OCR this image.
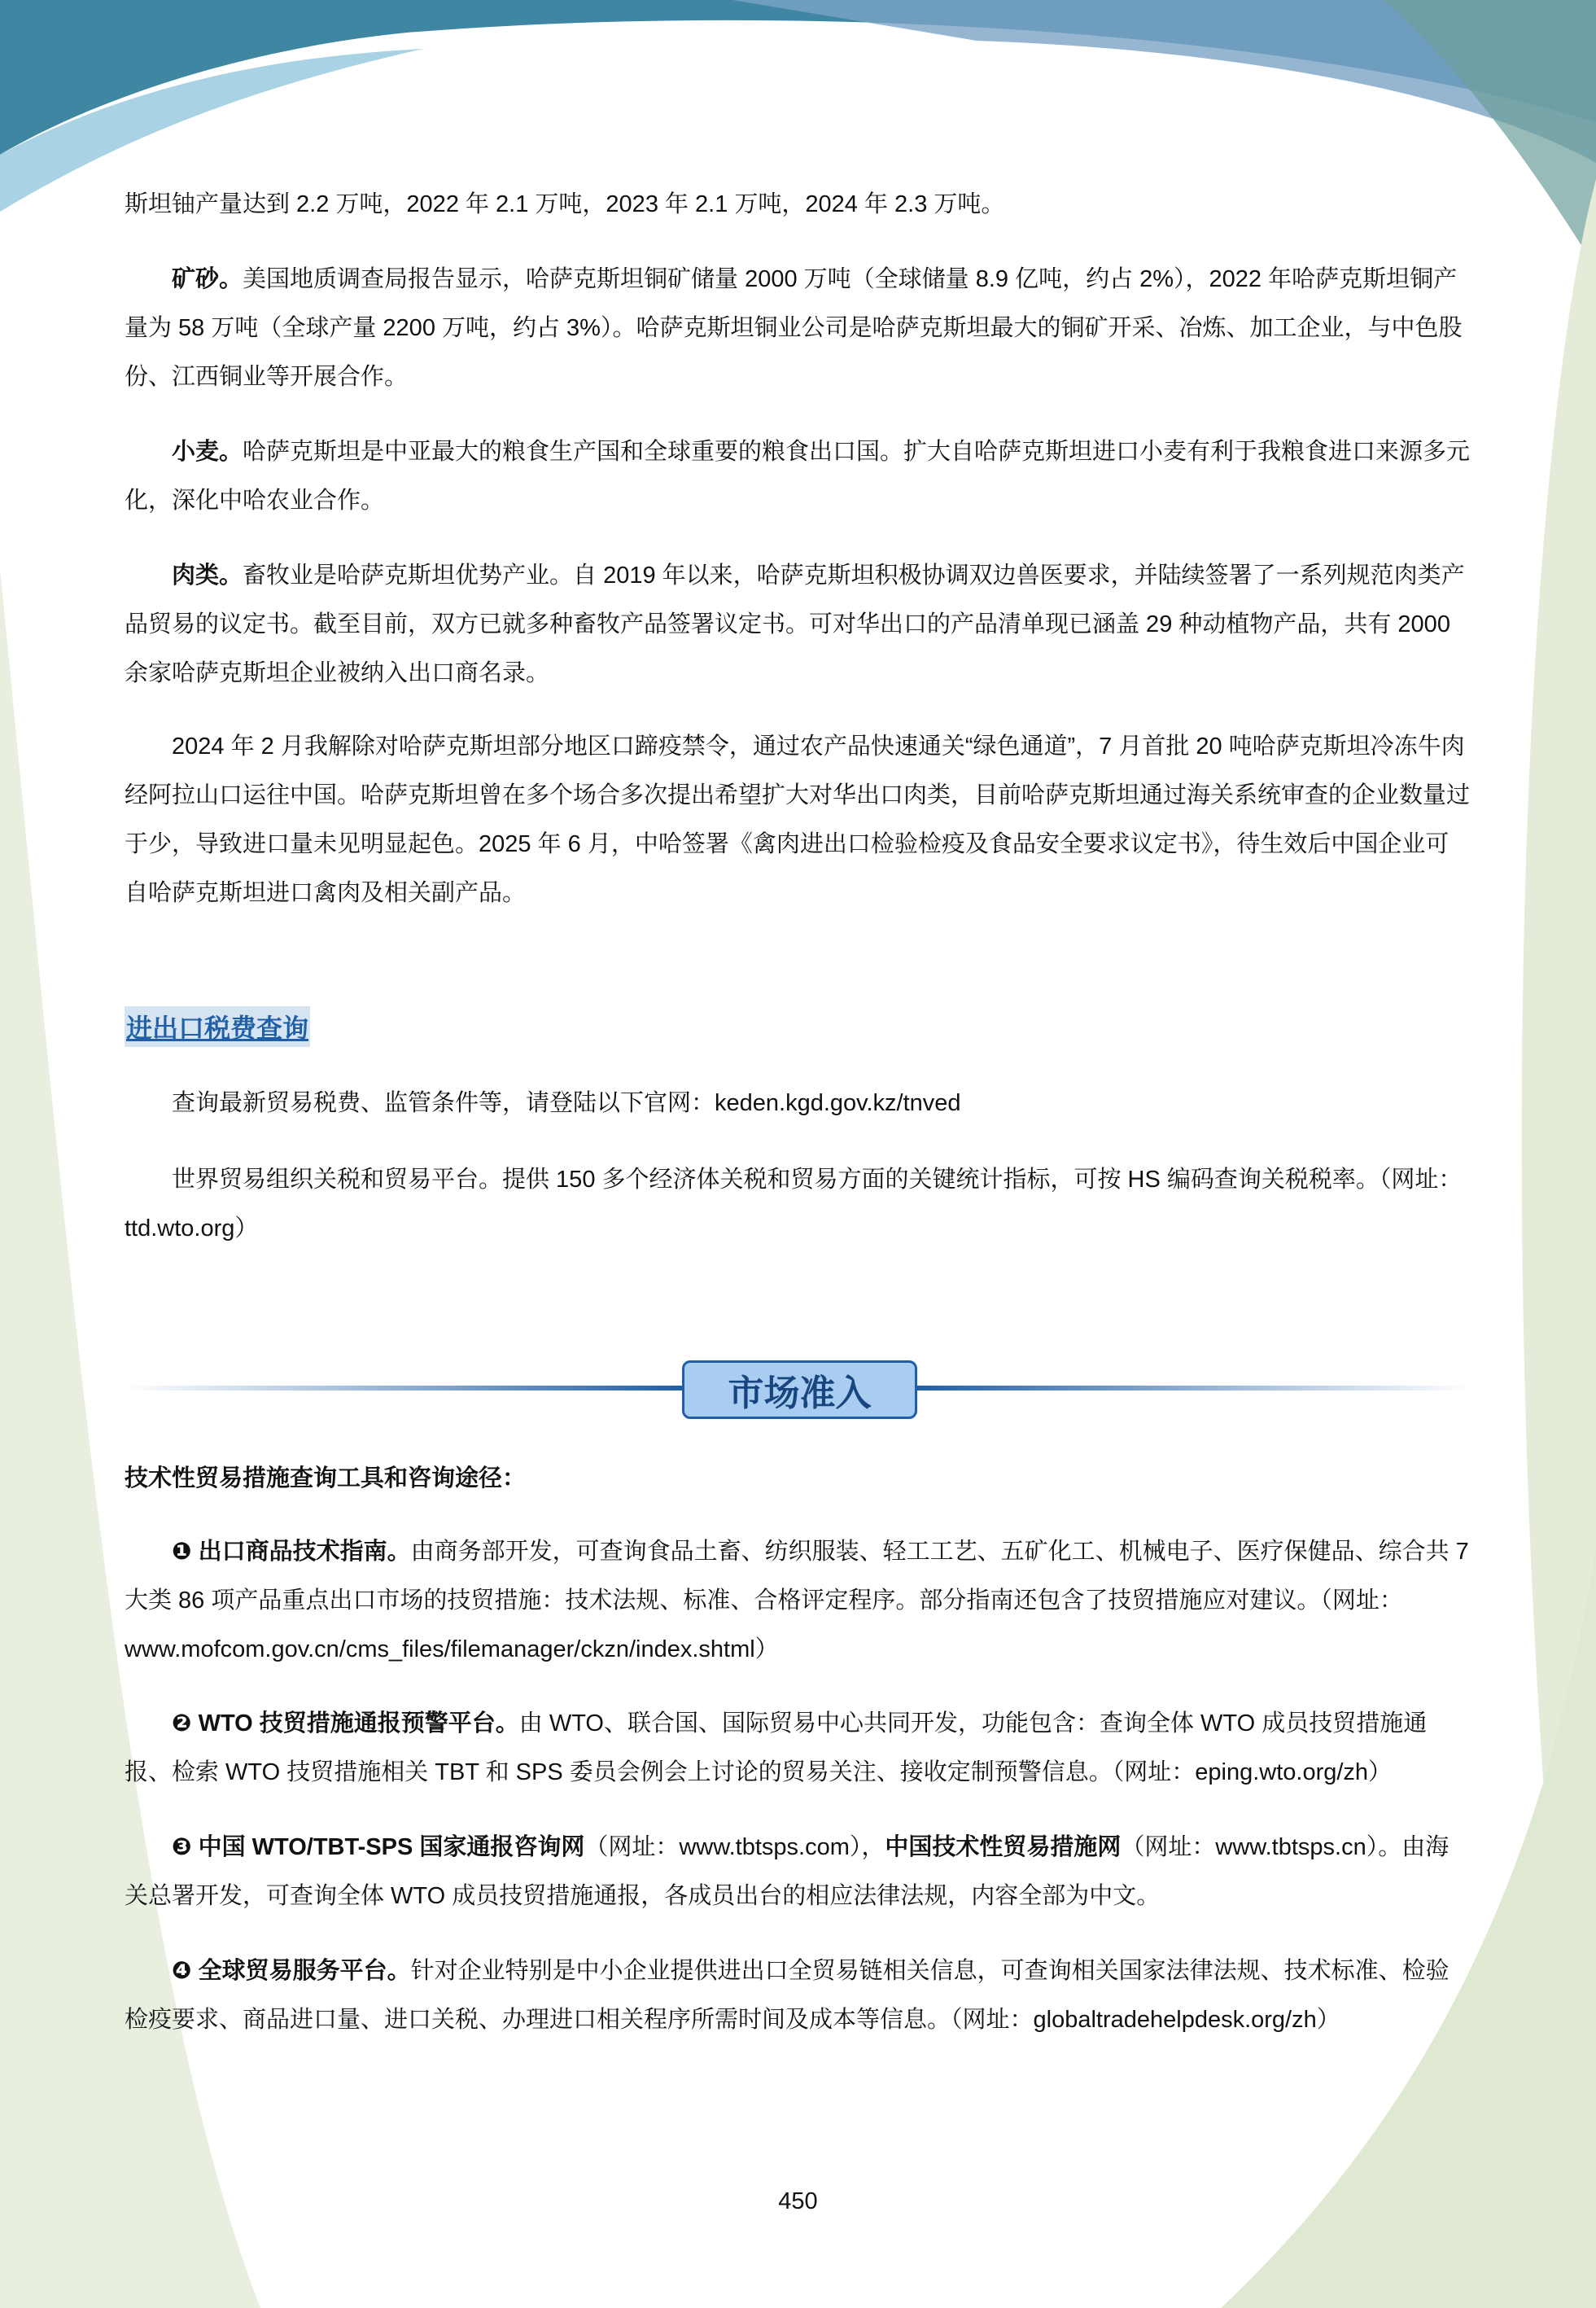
斯坦铀产量达到 2.2 万吨，2022 年 2.1 万吨，2023 年 2.1 万吨，2024 年 2.3 万吨。

矿砂。美国地质调查局报告显示，哈萨克斯坦铜矿储量 2000 万吨（全球储量 8.9 亿吨，约占 2%），2022 年哈萨克斯坦铜产量为 58 万吨（全球产量 2200 万吨，约占 3%）。哈萨克斯坦铜业公司是哈萨克斯坦最大的铜矿开采、冶炼、加工企业，与中色股份、江西铜业等开展合作。

小麦。哈萨克斯坦是中亚最大的粮食生产国和全球重要的粮食出口国。扩大自哈萨克斯坦进口小麦有利于我粮食进口来源多元化，深化中哈农业合作。

肉类。畜牧业是哈萨克斯坦优势产业。自 2019 年以来，哈萨克斯坦积极协调双边兽医要求，并陆续签署了一系列规范肉类产品贸易的议定书。截至目前，双方已就多种畜牧产品签署议定书。可对华出口的产品清单现已涵盖 29 种动植物产品，共有 2000 余家哈萨克斯坦企业被纳入出口商名录。

2024 年 2 月我解除对哈萨克斯坦部分地区口蹄疫禁令，通过农产品快速通关“绿色通道”，7 月首批 20 吨哈萨克斯坦冷冻牛肉经阿拉山口运往中国。哈萨克斯坦曾在多个场合多次提出希望扩大对华出口肉类，目前哈萨克斯坦通过海关系统审查的企业数量过于少，导致进口量未见明显起色。2025 年 6 月，中哈签署《禽肉进出口检验检疫及食品安全要求议定书》，待生效后中国企业可自哈萨克斯坦进口禽肉及相关副产品。

进出口税费查询

查询最新贸易税费、监管条件等，请登陆以下官网：keden.kgd.gov.kz/tnved

世界贸易组织关税和贸易平台。提供 150 多个经济体关税和贸易方面的关键统计指标，可按 HS 编码查询关税税率。（网址：ttd.wto.org）

市场准入
技术性贸易措施查询工具和咨询途径：

❶ 出口商品技术指南。由商务部开发，可查询食品土畜、纺织服装、轻工工艺、五矿化工、机械电子、医疗保健品、综合共 7 大类 86 项产品重点出口市场的技贸措施：技术法规、标准、合格评定程序。部分指南还包含了技贸措施应对建议。（网址：www.mofcom.gov.cn/cms_files/filemanager/ckzn/index.shtml）

❷ WTO 技贸措施通报预警平台。由 WTO、联合国、国际贸易中心共同开发，功能包含：查询全体 WTO 成员技贸措施通报、检索 WTO 技贸措施相关 TBT 和 SPS 委员会例会上讨论的贸易关注、接收定制预警信息。（网址：eping.wto.org/zh）

❸ 中国 WTO/TBT-SPS 国家通报咨询网（网址：www.tbtsps.com），中国技术性贸易措施网（网址：www.tbtsps.cn）。由海关总署开发，可查询全体 WTO 成员技贸措施通报，各成员出台的相应法律法规，内容全部为中文。

❹ 全球贸易服务平台。针对企业特别是中小企业提供进出口全贸易链相关信息，可查询相关国家法律法规、技术标准、检验检疫要求、商品进口量、进口关税、办理进口相关程序所需时间及成本等信息。（网址：globaltradehelpdesk.org/zh）

450
